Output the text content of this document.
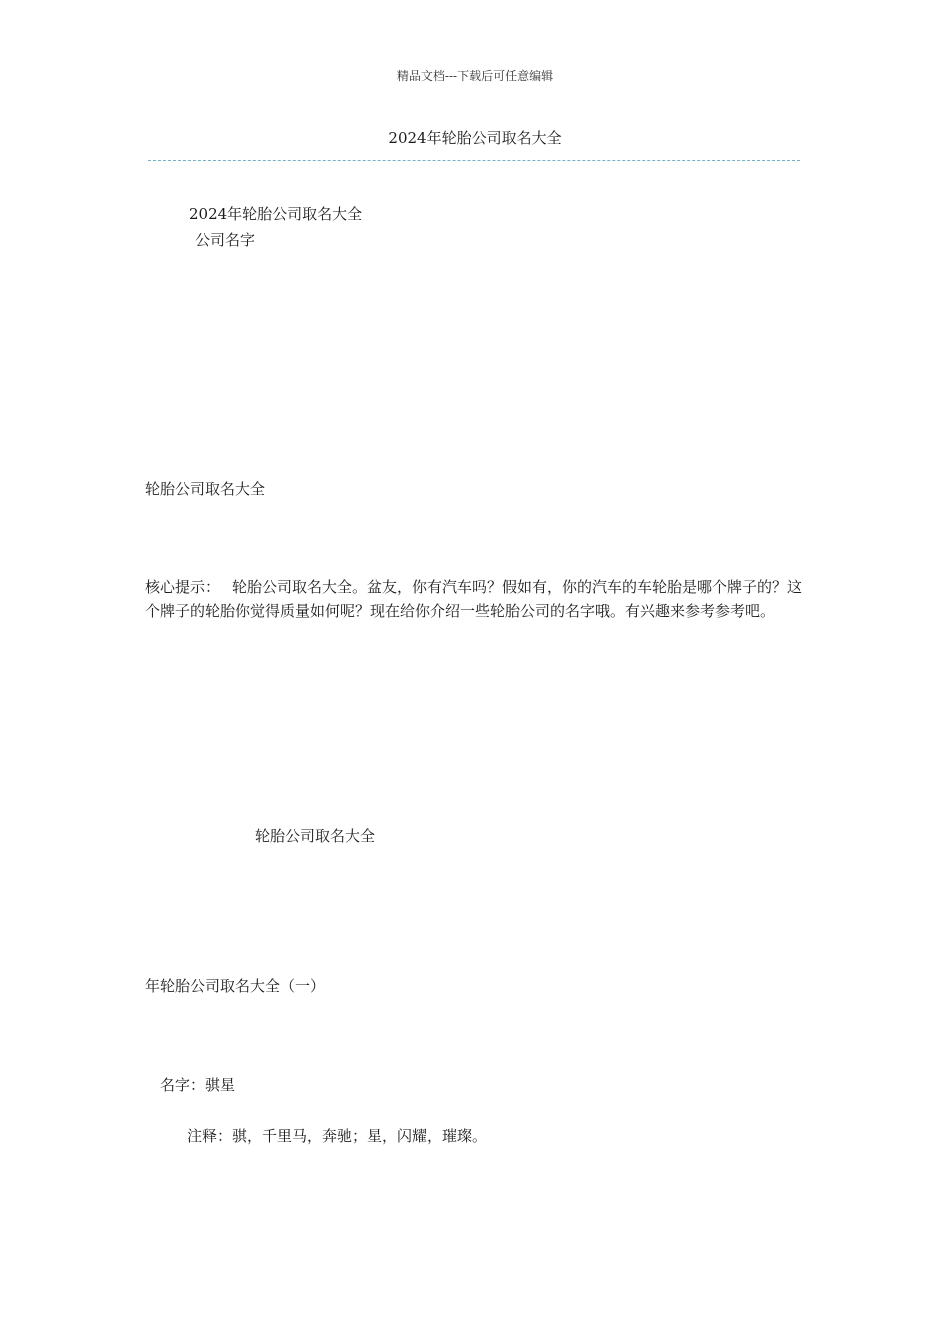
精品文档---下载后可任意编辑
2024年轮胎公司取名大全
2024年轮胎公司取名大全
公司名字
轮胎公司取名大全
核心提示： 轮胎公司取名大全。盆友，你有汽车吗？假如有，你的汽车的车轮胎是哪个牌子的？这个牌子的轮胎你觉得质量如何呢？现在给你介绍一些轮胎公司的名字哦。有兴趣来参考参考吧。
轮胎公司取名大全
年轮胎公司取名大全（一）
名字：骐星
注释：骐，千里马，奔驰；星，闪耀，璀璨。
